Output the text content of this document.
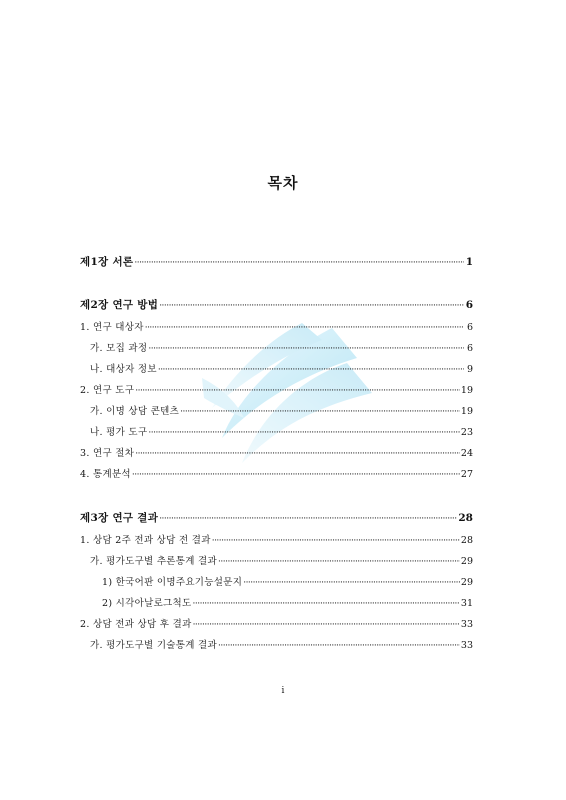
목차
제1장 서론 ·····	1
제2장 연구 방법 ·····	6
1. 연구 대상자 ·····	6
가. 모집 과정 ·····	6
나. 대상자 정보 ·····	9
2. 연구 도구 ·····	19
가. 이명 상담 콘텐츠 ·····	19
나. 평가 도구 ·····	23
3. 연구 절차 ·····	24
4. 통계분석 ·····	27
제3장 연구 결과 ·····	28
1. 상담 2주 전과 상담 전 결과 ·····	28
가. 평가도구별 추론통계 결과 ·····	29
1) 한국어판 이명주요기능설문지 ·····	29
2) 시각아날로그척도 ·····	31
2. 상담 전과 상담 후 결과 ·····	33
가. 평가도구별 기술통계 결과 ·····	33
i
